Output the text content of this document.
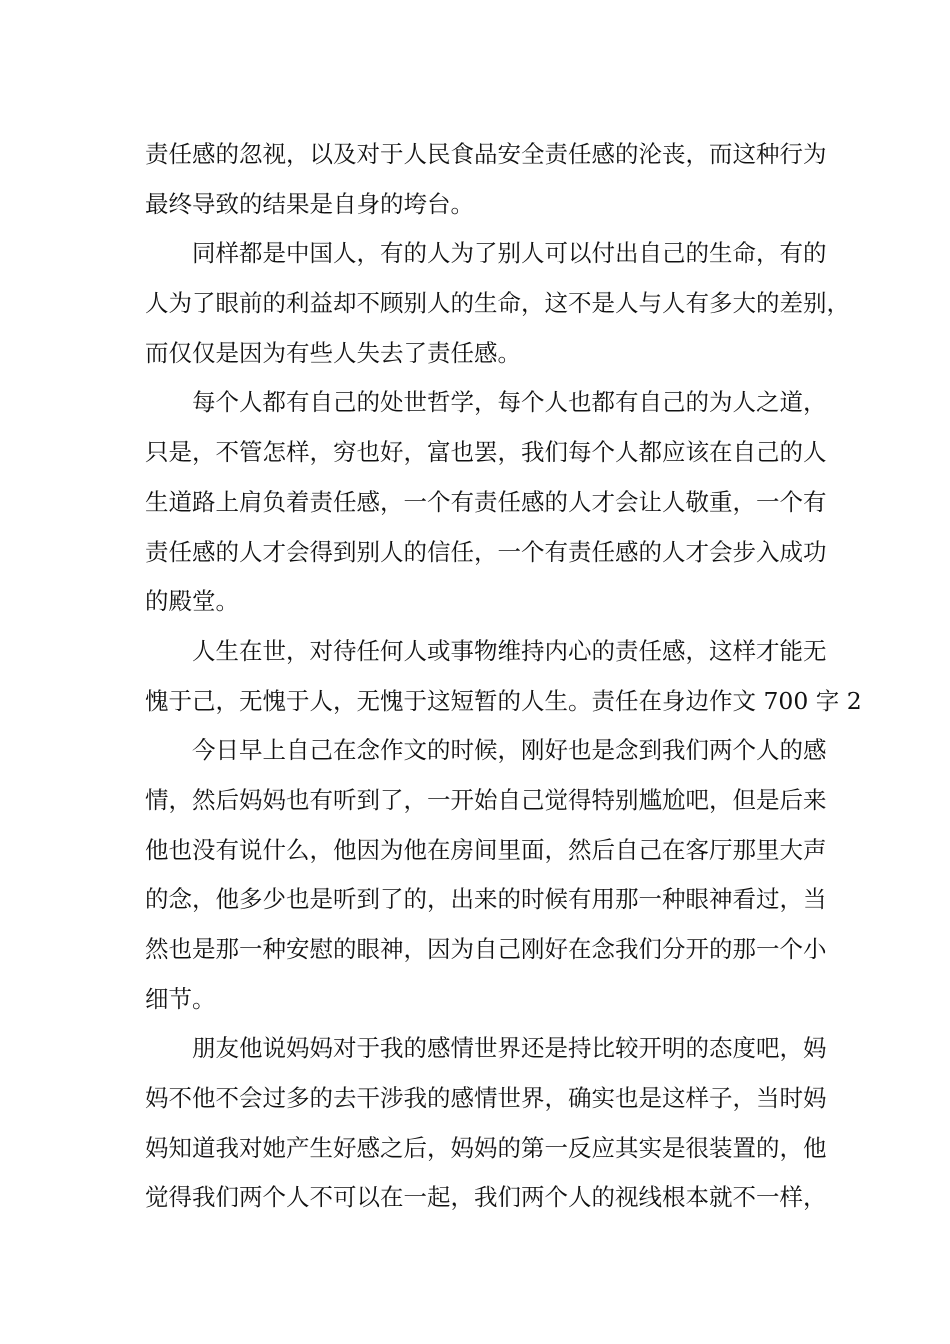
责任感的忽视，以及对于人民食品安全责任感的沦丧，而这种行为
最终导致的结果是自身的垮台。
同样都是中国人，有的人为了别人可以付出自己的生命，有的
人为了眼前的利益却不顾别人的生命，这不是人与人有多大的差别，
而仅仅是因为有些人失去了责任感。
每个人都有自己的处世哲学，每个人也都有自己的为人之道，
只是，不管怎样，穷也好，富也罢，我们每个人都应该在自己的人
生道路上肩负着责任感，一个有责任感的人才会让人敬重，一个有
责任感的人才会得到别人的信任，一个有责任感的人才会步入成功
的殿堂。
人生在世，对待任何人或事物维持内心的责任感，这样才能无
愧于己，无愧于人，无愧于这短暂的人生。责任在身边作文 700 字 2
今日早上自己在念作文的时候，刚好也是念到我们两个人的感
情，然后妈妈也有听到了，一开始自己觉得特别尴尬吧，但是后来
他也没有说什么，他因为他在房间里面，然后自己在客厅那里大声
的念，他多少也是听到了的，出来的时候有用那一种眼神看过，当
然也是那一种安慰的眼神，因为自己刚好在念我们分开的那一个小
细节。
朋友他说妈妈对于我的感情世界还是持比较开明的态度吧，妈
妈不他不会过多的去干涉我的感情世界，确实也是这样子，当时妈
妈知道我对她产生好感之后，妈妈的第一反应其实是很装置的，他
觉得我们两个人不可以在一起，我们两个人的视线根本就不一样，
